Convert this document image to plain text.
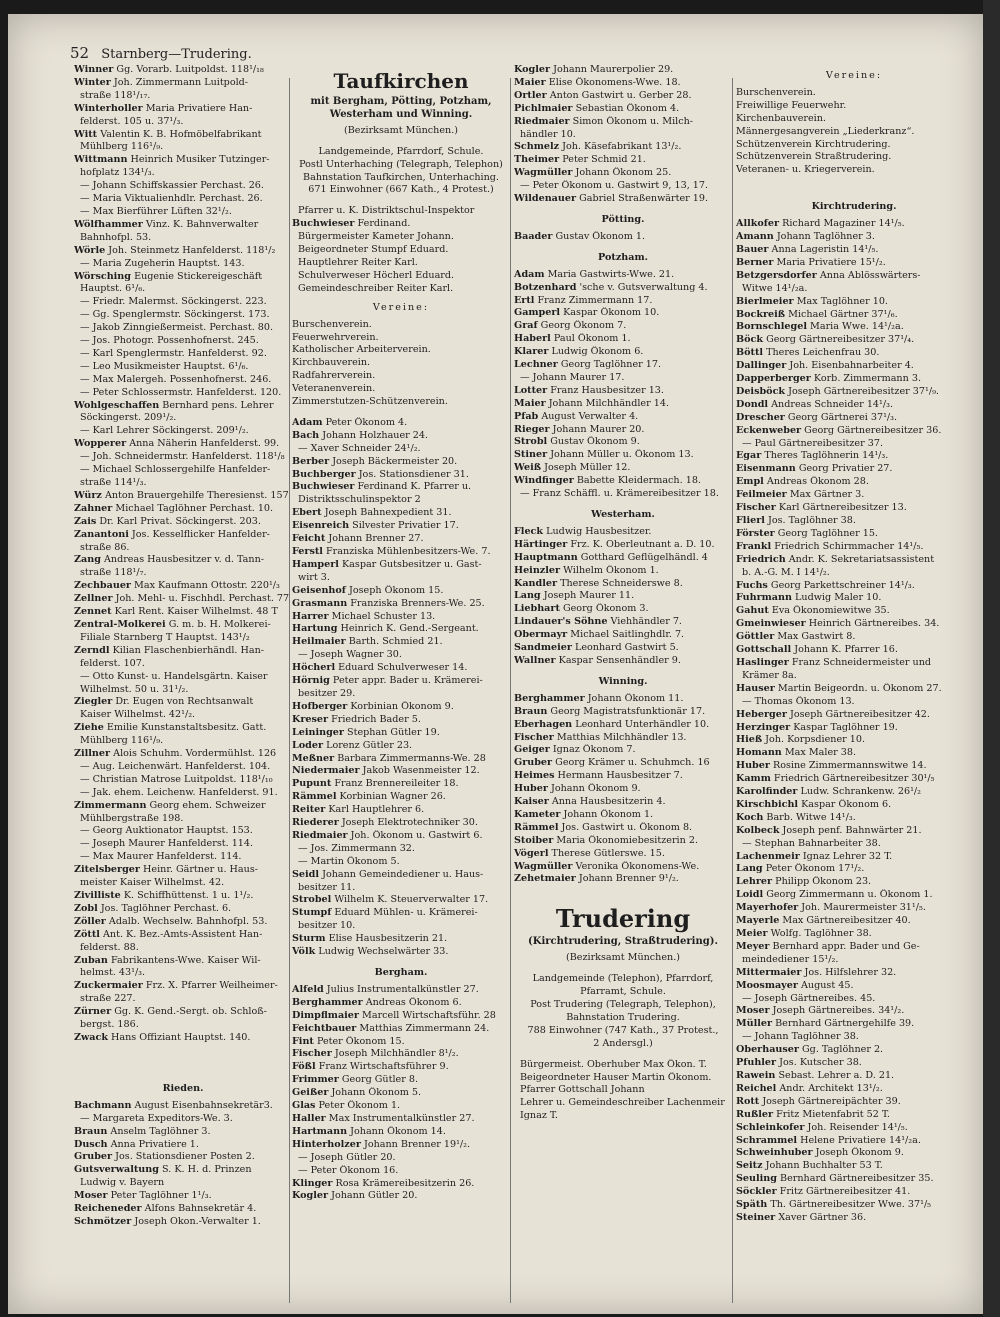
52 Starnberg—Trudering.

Winner Gg. Vorarb. Luitpoldst. 118¹/₁₈

Winter Joh. Zimmermann Luitpold-

straße 118¹/₁₇.

Winterholler Maria Privatiere Han-

felderst. 105 u. 37¹/₃.

Witt Valentin K. B. Hofmöbelfabrikant

Mühlberg 116¹/₉.

Wittmann Heinrich Musiker Tutzinger-

hofplatz 134¹/₃.

— Johann Schiffskassier Perchast. 26.

— Maria Viktualienhdlr. Perchast. 26.

— Max Bierführer Lüften 32¹/₂.

Wölfhammer Vinz. K. Bahnverwalter

Bahnhofpl. 53.

Wörle Joh. Steinmetz Hanfelderst. 118¹/₂

— Maria Zugeherin Hauptst. 143.

Wörsching Eugenie Stickereigeschäft

Hauptst. 6¹/₆.

— Friedr. Malermst. Söckingerst. 223.

— Gg. Spenglermstr. Söckingerst. 173.

— Jakob Zinngießermeist. Perchast. 80.

— Jos. Photogr. Possenhofnerst. 245.

— Karl Spenglermstr. Hanfelderst. 92.

— Leo Musikmeister Hauptst. 6¹/₆.

— Max Malergeh. Possenhofnerst. 246.

— Peter Schlossermstr. Hanfelderst. 120.

Wohlgeschaffen Bernhard pens. Lehrer

Söckingerst. 209¹/₂.

— Karl Lehrer Söckingerst. 209¹/₂.

Wopperer Anna Näherin Hanfelderst. 99.

— Joh. Schneidermstr. Hanfelderst. 118¹/₈

— Michael Schlossergehilfe Hanfelder-

straße 114¹/₃.

Würz Anton Brauergehilfe Theresienst. 157

Zahner Michael Taglöhner Perchast. 10.

Zais Dr. Karl Privat. Söckingerst. 203.

Zanantoni Jos. Kesselflicker Hanfelder-

straße 86.

Zang Andreas Hausbesitzer v. d. Tann-

straße 118¹/₇.

Zechbauer Max Kaufmann Ottostr. 220¹/₃

Zellner Joh. Mehl- u. Fischhdl. Perchast. 77

Zennet Karl Rent. Kaiser Wilhelmst. 48 T

Zentral-Molkerei G. m. b. H. Molkerei-

Filiale Starnberg T Hauptst. 143¹/₂

Zerndl Kilian Flaschenbierhändl. Han-

felderst. 107.

— Otto Kunst- u. Handelsgärtn. Kaiser

Wilhelmst. 50 u. 31¹/₂.

Ziegler Dr. Eugen von Rechtsanwalt

Kaiser Wilhelmst. 42¹/₂.

Ziehe Emilie Kunstanstaltsbesitz. Gatt.

Mühlberg 116¹/₉.

Zillner Alois Schuhm. Vordermühlst. 126

— Aug. Leichenwärt. Hanfelderst. 104.

— Christian Matrose Luitpoldst. 118¹/₁₀

— Jak. ehem. Leichenw. Hanfelderst. 91.

Zimmermann Georg ehem. Schweizer

Mühlbergstraße 198.

— Georg Auktionator Hauptst. 153.

— Joseph Maurer Hanfelderst. 114.

— Max Maurer Hanfelderst. 114.

Zitelsberger Heinr. Gärtner u. Haus-

meister Kaiser Wilhelmst. 42.

Zivilliste K. Schiffhüttenst. 1 u. 1¹/₂.

Zobl Jos. Taglöhner Perchast. 6.

Zöller Adalb. Wechselw. Bahnhofpl. 53.

Zöttl Ant. K. Bez.-Amts-Assistent Han-

felderst. 88.

Zuban Fabrikantens-Wwe. Kaiser Wil-

helmst. 43¹/₃.

Zuckermaier Frz. X. Pfarrer Weilheimer-

straße 227.

Zürner Gg. K. Gend.-Sergt. ob. Schloß-

bergst. 186.

Zwack Hans Offiziant Hauptst. 140.

Rieden.

Bachmann August Eisenbahnsekretär3.

— Margareta Expeditors-We. 3.

Braun Anselm Taglöhner 3.

Dusch Anna Privatiere 1.

Gruber Jos. Stationsdiener Posten 2.

Gutsverwaltung S. K. H. d. Prinzen

Ludwig v. Bayern

Moser Peter Taglöhner 1¹/₃.

Reicheneder Alfons Bahnsekretär 4.

Schmötzer Joseph Okon.-Verwalter 1.

Taufkirchen
mit Bergham, Pötting, Potzham, Westerham und Winning.
(Bezirksamt München.)

Landgemeinde, Pfarrdorf, Schule.

Postl Unterhaching (Telegraph, Telephon)

Bahnstation Taufkirchen, Unterhaching.

671 Einwohner (667 Kath., 4 Protest.)

Pfarrer u. K. Distriktschul-Inspektor

Buchwieser Ferdinand.

Bürgermeister Kameter Johann.

Beigeordneter Stumpf Eduard.

Hauptlehrer Reiter Karl.

Schulverweser Höcherl Eduard.

Gemeindeschreiber Reiter Karl.

Vereine:

Burschenverein.

Feuerwehrverein.

Katholischer Arbeiterverein.

Kirchbauverein.

Radfahrerverein.

Veteranenverein.

Zimmerstutzen-Schützenverein.

Adam Peter Ökonom 4.

Bach Johann Holzhauer 24.

— Xaver Schneider 24¹/₂.

Berber Joseph Bäckermeister 20.

Buchberger Jos. Stationsdiener 31.

Buchwieser Ferdinand K. Pfarrer u.

Distriktsschulinspektor 2

Ebert Joseph Bahnexpedient 31.

Eisenreich Silvester Privatier 17.

Feicht Johann Brenner 27.

Ferstl Franziska Mühlenbesitzers-We. 7.

Hamperl Kaspar Gutsbesitzer u. Gast-

wirt 3.

Geisenhof Joseph Ökonom 15.

Grasmann Franziska Brenners-We. 25.

Harrer Michael Schuster 13.

Hartung Heinrich K. Gend.-Sergeant.

Heilmaier Barth. Schmied 21.

— Joseph Wagner 30.

Höcherl Eduard Schulverweser 14.

Hörnig Peter appr. Bader u. Krämerei-

besitzer 29.

Hofberger Korbinian Ökonom 9.

Kreser Friedrich Bader 5.

Leininger Stephan Gütler 19.

Loder Lorenz Gütler 23.

Meßner Barbara Zimmermanns-We. 28

Niedermaier Jakob Wasenmeister 12.

Pupunt Franz Brennereileiter 18.

Rämmel Korbinian Wagner 26.

Reiter Karl Hauptlehrer 6.

Riederer Joseph Elektrotechniker 30.

Riedmaier Joh. Ökonom u. Gastwirt 6.

— Jos. Zimmermann 32.

— Martin Ökonom 5.

Seidl Johann Gemeindediener u. Haus-

besitzer 11.

Strobel Wilhelm K. Steuerverwalter 17.

Stumpf Eduard Mühlen- u. Krämerei-

besitzer 10.

Sturm Elise Hausbesitzerin 21.

Völk Ludwig Wechselwärter 33.

Bergham.

Alfeld Julius Instrumentalkünstler 27.

Berghammer Andreas Ökonom 6.

Dimpflmaier Marcell Wirtschaftsführ. 28

Feichtbauer Matthias Zimmermann 24.

Fint Peter Ökonom 15.

Fischer Joseph Milchhändler 8¹/₂.

Fößl Franz Wirtschaftsführer 9.

Frimmer Georg Gütler 8.

Geißer Johann Ökonom 5.

Glas Peter Ökonom 1.

Haller Max Instrumentalkünstler 27.

Hartmann Johann Ökonom 14.

Hinterholzer Johann Brenner 19¹/₂.

— Joseph Gütler 20.

— Peter Ökonom 16.

Klinger Rosa Krämereibesitzerin 26.

Kogler Johann Gütler 20.

Kogler Johann Maurerpolier 29.

Maier Elise Ökonomens-Wwe. 18.

Ortler Anton Gastwirt u. Gerber 28.

Pichlmaier Sebastian Ökonom 4.

Riedmaier Simon Ökonom u. Milch-

händler 10.

Schmelz Joh. Käsefabrikant 13¹/₂.

Theimer Peter Schmid 21.

Wagmüller Johann Ökonom 25.

— Peter Ökonom u. Gastwirt 9, 13, 17.

Wildenauer Gabriel Straßenwärter 19.

Pötting.

Baader Gustav Ökonom 1.

Potzham.

Adam Maria Gastwirts-Wwe. 21.

Botzenhard 'sche v. Gutsverwaltung 4.

Ertl Franz Zimmermann 17.

Gamperl Kaspar Ökonom 10.

Graf Georg Ökonom 7.

Haberl Paul Ökonom 1.

Klarer Ludwig Ökonom 6.

Lechner Georg Taglöhner 17.

— Johann Maurer 17.

Lotter Franz Hausbesitzer 13.

Maier Johann Milchhändler 14.

Pfab August Verwalter 4.

Rieger Johann Maurer 20.

Strobl Gustav Ökonom 9.

Stiner Johann Müller u. Ökonom 13.

Weiß Joseph Müller 12.

Windfinger Babette Kleidermach. 18.

— Franz Schäffl. u. Krämereibesitzer 18.

Westerham.

Fleck Ludwig Hausbesitzer.

Härtinger Frz. K. Oberleutnant a. D. 10.

Hauptmann Gotthard Geflügelhändl. 4

Heinzler Wilhelm Ökonom 1.

Kandler Therese Schneiderswe 8.

Lang Joseph Maurer 11.

Liebhart Georg Ökonom 3.

Lindauer's Söhne Viehhändler 7.

Obermayr Michael Saitlinghdlr. 7.

Sandmeier Leonhard Gastwirt 5.

Wallner Kaspar Sensenhändler 9.

Winning.

Berghammer Johann Ökonom 11.

Braun Georg Magistratsfunktionär 17.

Eberhagen Leonhard Unterhändler 10.

Fischer Matthias Milchhändler 13.

Geiger Ignaz Ökonom 7.

Gruber Georg Krämer u. Schuhmch. 16

Heimes Hermann Hausbesitzer 7.

Huber Johann Ökonom 9.

Kaiser Anna Hausbesitzerin 4.

Kameter Johann Ökonom 1.

Rämmel Jos. Gastwirt u. Ökonom 8.

Stoiber Maria Ökonomiebesitzerin 2.

Vögerl Therese Gütlerswe. 15.

Wagmüller Veronika Ökonomens-We.

Zehetmaier Johann Brenner 9¹/₂.

Trudering
(Kirchtrudering, Straßtrudering).
(Bezirksamt München.)

Landgemeinde (Telephon), Pfarrdorf,

Pfarramt, Schule.

Post Trudering (Telegraph, Telephon),

Bahnstation Trudering.

788 Einwohner (747 Kath., 37 Protest.,

2 Andersgl.)

Bürgermeist. Oberhuber Max Ökon. T.

Beigeordneter Hauser Martin Ökonom.

Pfarrer Gottschall Johann

Lehrer u. Gemeindeschreiber Lachenmeir

Ignaz T.

Vereine:

Burschenverein.

Freiwillige Feuerwehr.

Kirchenbauverein.

Männergesangverein „Liederkranz“.

Schützenverein Kirchtrudering.

Schützenverein Straßtrudering.

Veteranen- u. Kriegerverein.

Kirchtrudering.

Allkofer Richard Magaziner 14¹/₅.

Amann Johann Taglöhner 3.

Bauer Anna Lageristin 14¹/₅.

Berner Maria Privatiere 15¹/₂.

Betzgersdorfer Anna Ablösswärters-

Witwe 14¹/₂a.

Bierlmeier Max Taglöhner 10.

Bockreiß Michael Gärtner 37¹/₆.

Bornschlegel Maria Wwe. 14¹/₂a.

Böck Georg Gärtnereibesitzer 37¹/₄.

Böttl Theres Leichenfrau 30.

Dallinger Joh. Eisenbahnarbeiter 4.

Dapperberger Korb. Zimmermann 3.

Deisböck Joseph Gärtnereibesitzer 37¹/₉.

Dondl Andreas Schneider 14¹/₃.

Drescher Georg Gärtnerei 37¹/₃.

Eckenweber Georg Gärtnereibesitzer 36.

— Paul Gärtnereibesitzer 37.

Egar Theres Taglöhnerin 14¹/₃.

Eisenmann Georg Privatier 27.

Empl Andreas Ökonom 28.

Feilmeier Max Gärtner 3.

Fischer Karl Gärtnereibesitzer 13.

Flierl Jos. Taglöhner 38.

Förster Georg Taglöhner 15.

Frankl Friedrich Schirmmacher 14¹/₅.

Friedrich Andr. K. Sekretariatsassistent

b. A.-G. M. I 14¹/₂.

Fuchs Georg Parkettschreiner 14¹/₃.

Fuhrmann Ludwig Maler 10.

Gahut Eva Ökonomiewitwe 35.

Gmeinwieser Heinrich Gärtnereibes. 34.

Göttler Max Gastwirt 8.

Gottschall Johann K. Pfarrer 16.

Haslinger Franz Schneidermeister und

Krämer 8a.

Hauser Martin Beigeordn. u. Ökonom 27.

— Thomas Ökonom 13.

Heberger Joseph Gärtnereibesitzer 42.

Herzinger Kaspar Taglöhner 19.

Hieß Joh. Korpsdiener 10.

Homann Max Maler 38.

Huber Rosine Zimmermannswitwe 14.

Kamm Friedrich Gärtnereibesitzer 30¹/₅

Karolfinder Ludw. Schrankenw. 26¹/₂

Kirschbichl Kaspar Ökonom 6.

Koch Barb. Witwe 14¹/₃.

Kolbeck Joseph penf. Bahnwärter 21.

— Stephan Bahnarbeiter 38.

Lachenmeir Ignaz Lehrer 32 T.

Lang Peter Ökonom 17¹/₂.

Lehrer Philipp Ökonom 23.

Loidl Georg Zimmermann u. Ökonom 1.

Mayerhofer Joh. Maurermeister 31¹/₅.

Mayerle Max Gärtnereibesitzer 40.

Meier Wolfg. Taglöhner 38.

Meyer Bernhard appr. Bader und Ge-

meindediener 15¹/₂.

Mittermaier Jos. Hilfslehrer 32.

Moosmayer August 45.

— Joseph Gärtnereibes. 45.

Moser Joseph Gärtnereibes. 34¹/₂.

Müller Bernhard Gärtnergehilfe 39.

— Johann Taglöhner 38.

Oberhauser Gg. Taglöhner 2.

Pfuhler Jos. Kutscher 38.

Rawein Sebast. Lehrer a. D. 21.

Reichel Andr. Architekt 13¹/₂.

Rott Joseph Gärtnereipächter 39.

Rußler Fritz Mietenfabrit 52 T.

Schleinkofer Joh. Reisender 14¹/₅.

Schrammel Helene Privatiere 14¹/₂a.

Schweinhuber Joseph Ökonom 9.

Seitz Johann Buchhalter 53 T.

Seuling Bernhard Gärtnereibesitzer 35.

Söckler Fritz Gärtnereibesitzer 41.

Späth Th. Gärtnereibesitzer Wwe. 37¹/₅

Steiner Xaver Gärtner 36.
